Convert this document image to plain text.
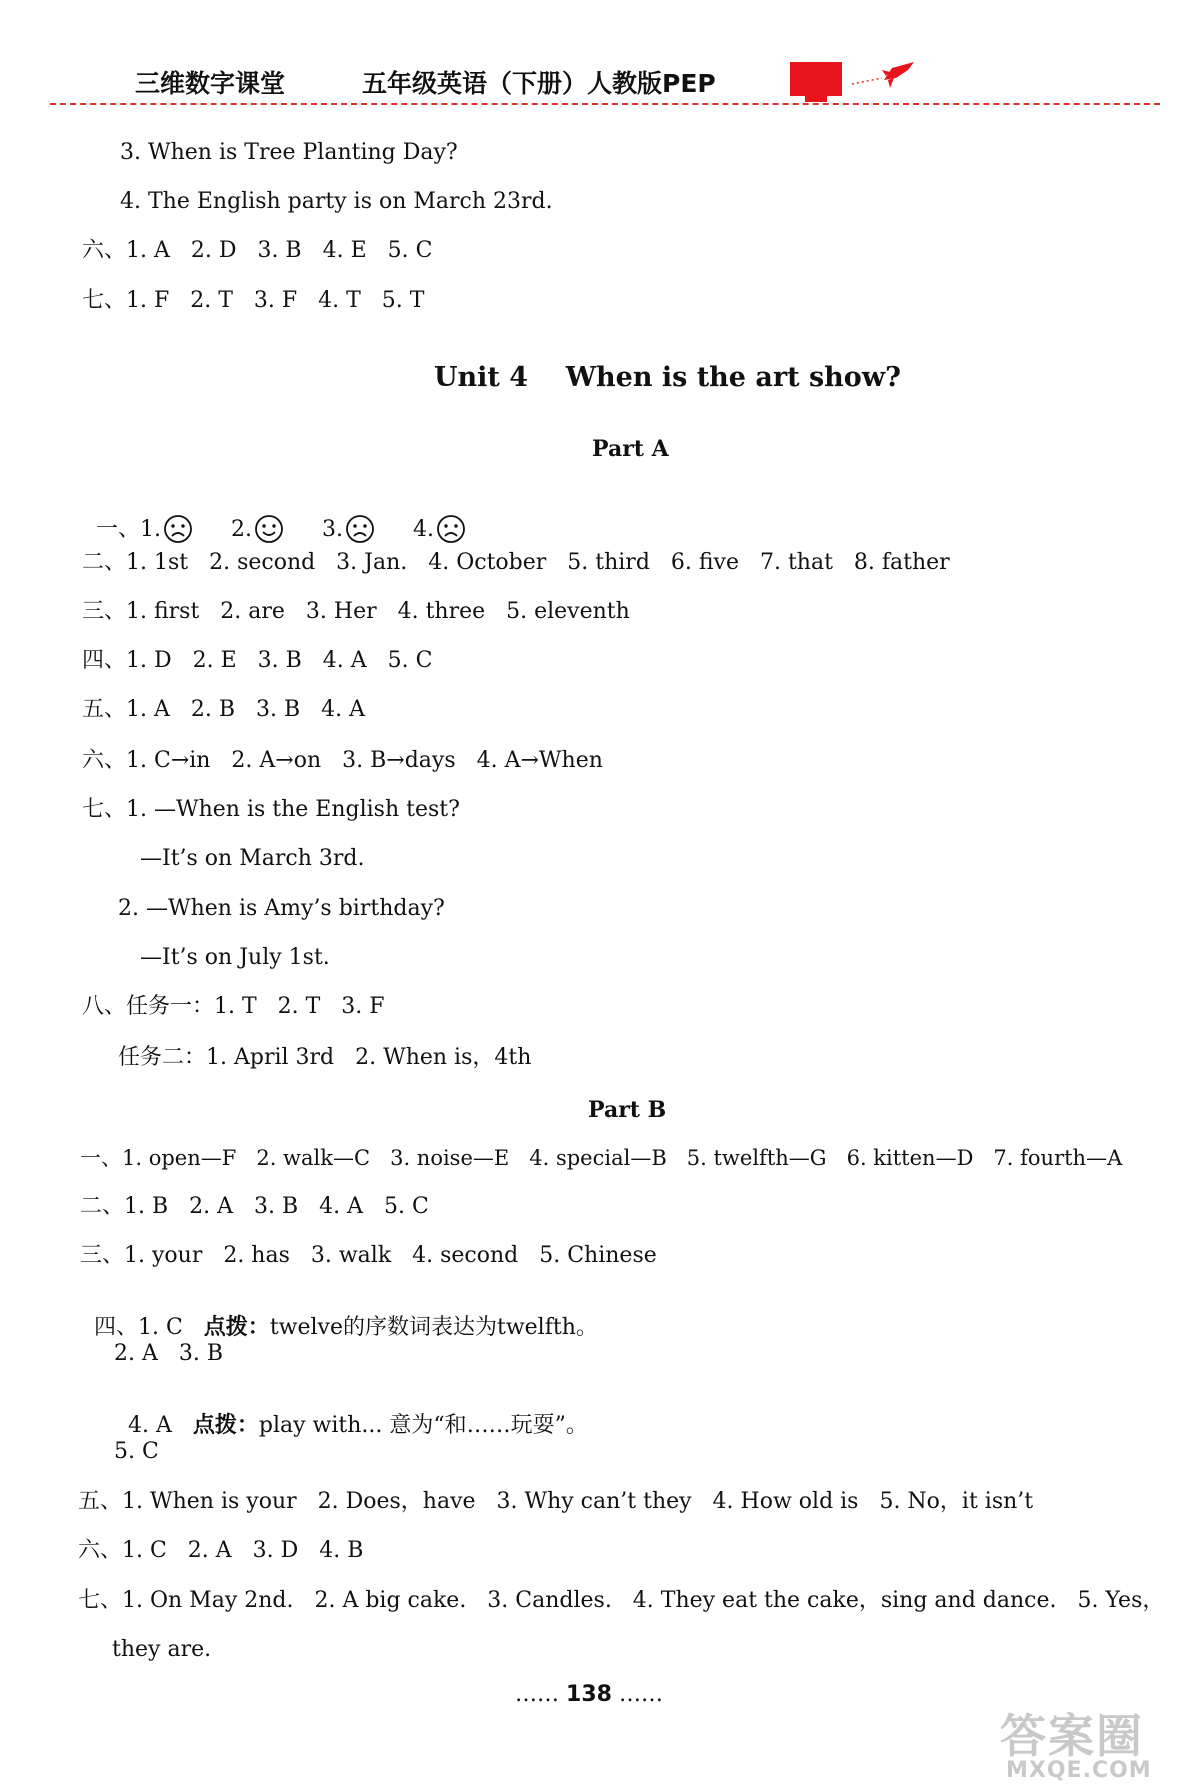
三维数字课堂	五年级英语（下册）人教版PEP
3. When is Tree Planting Day?
4. The English party is on March 23rd.
六、1. A   2. D   3. B   4. E   5. C
七、1. F   2. T   3. F   4. T   5. T
Unit 4    When is the art show?
Part A

一、1.	2.	3.	4.

二、1. 1st   2. second   3. Jan.   4. October   5. third   6. five   7. that   8. father
三、1. first   2. are   3. Her   4. three   5. eleventh
四、1. D   2. E   3. B   4. A   5. C
五、1. A   2. B   3. B   4. A
六、1. C→in   2. A→on   3. B→days   4. A→When
七、1. —When is the English test?
—It’s on March 3rd.
2. —When is Amy’s birthday?
—It’s on July 1st.
八、任务一：1. T   2. T   3. F
任务二：1. April 3rd   2. When is，4th
Part B
一、1. open—F   2. walk—C   3. noise—E   4. special—B   5. twelfth—G   6. kitten—D   7. fourth—A
二、1. B   2. A   3. B   4. A   5. C
三、1. your   2. has   3. walk   4. second   5. Chinese

四、1. C   点拨：twelve的序数词表达为twelfth。

2. A   3. B

4. A   点拨：play with... 意为“和……玩耍”。

5. C
五、1. When is your   2. Does，have   3. Why can’t they   4. How old is   5. No，it isn’t
六、1. C   2. A   3. D   4. B
七、1. On May 2nd.   2. A big cake.   3. Candles.   4. They eat the cake，sing and dance.   5. Yes，
they are.
…… 138 ……
答案圈
MXQE.COM
